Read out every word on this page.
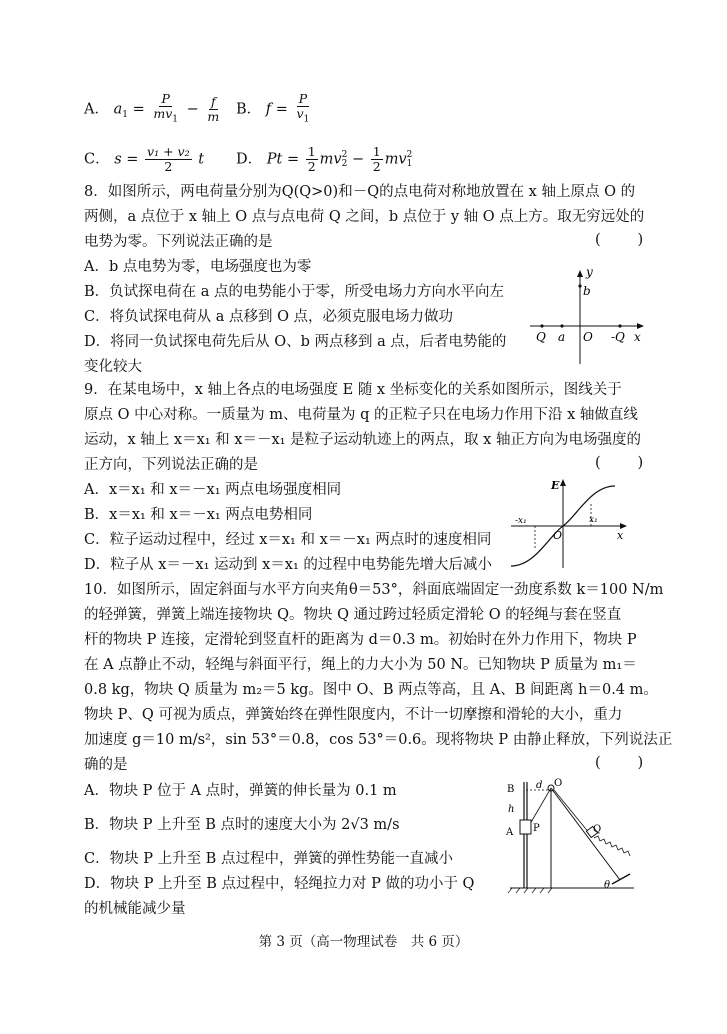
A． $a_1 = \frac{P}{mv_1} - \frac{f}{m}$ B． $f = \frac{P}{v_1}$
C． $s = \frac{\text{v₁ + v₂}}{2}$ t D． $Pt = \frac{1}{2}$ mv 2
$2 - \frac{1}{2}$ mv 2
1
8．如图所示，两电荷量分别为Q(Q>0)和－Q的点电荷对称地放置在 x 轴上原点 O 的
两侧，a 点位于 x 轴上 O 点与点电荷 Q 之间，b 点位于 y 轴 O 点上方。取无穷远处的
电势为零。下列说法正确的是	(        )
A．b 点电势为零，电场强度也为零
B．负试探电荷在 a 点的电势能小于零，所受电场力方向水平向左
C．将负试探电荷从 a 点移到 O 点，必须克服电场力做功
D．将同一负试探电荷先后从 O、b 两点移到 a 点，后者电势能的
变化较大
y
b
Q a O -Q x
9．在某电场中，x 轴上各点的电场强度 E 随 x 坐标变化的关系如图所示，图线关于
原点 O 中心对称。一质量为 m、电荷量为 q 的正粒子只在电场力作用下沿 x 轴做直线
运动，x 轴上 x＝x₁ 和 x＝－x₁ 是粒子运动轨迹上的两点，取 x 轴正方向为电场强度的
正方向，下列说法正确的是	(        )
A．x＝x₁ 和 x＝－x₁ 两点电场强度相同
B．x＝x₁ 和 x＝－x₁ 两点电势相同
C．粒子运动过程中，经过 x＝x₁ 和 x＝－x₁ 两点时的速度相同
D．粒子从 x＝－x₁ 运动到 x＝x₁ 的过程中电势能先增大后减小
E
-x₁
O
x₁
x
10．如图所示，固定斜面与水平方向夹角θ＝53°，斜面底端固定一劲度系数 k＝100 N/m
的轻弹簧，弹簧上端连接物块 Q。物块 Q 通过跨过轻质定滑轮 O 的轻绳与套在竖直
杆的物块 P 连接，定滑轮到竖直杆的距离为 d＝0.3 m。初始时在外力作用下，物块 P
在 A 点静止不动，轻绳与斜面平行，绳上的力大小为 50 N。已知物块 P 质量为 m₁＝
0.8 kg，物块 Q 质量为 m₂＝5 kg。图中 O、B 两点等高，且 A、B 间距离 h＝0.4 m。
物块 P、Q 可视为质点，弹簧始终在弹性限度内，不计一切摩擦和滑轮的大小，重力
加速度 g＝10 m/s²，sin 53°＝0.8，cos 53°＝0.6。现将物块 P 由静止释放，下列说法正
确的是	(        )
A．物块 P 位于 A 点时，弹簧的伸长量为 0.1 m
B．物块 P 上升至 B 点时的速度大小为 2√3 m/s
C．物块 P 上升至 B 点过程中，弹簧的弹性势能一直减小
D．物块 P 上升至 B 点过程中，轻绳拉力对 P 做的功小于 Q
的机械能减少量
B d O
h
A P	Q
θ
第 3 页（高一物理试卷　共 6 页）
